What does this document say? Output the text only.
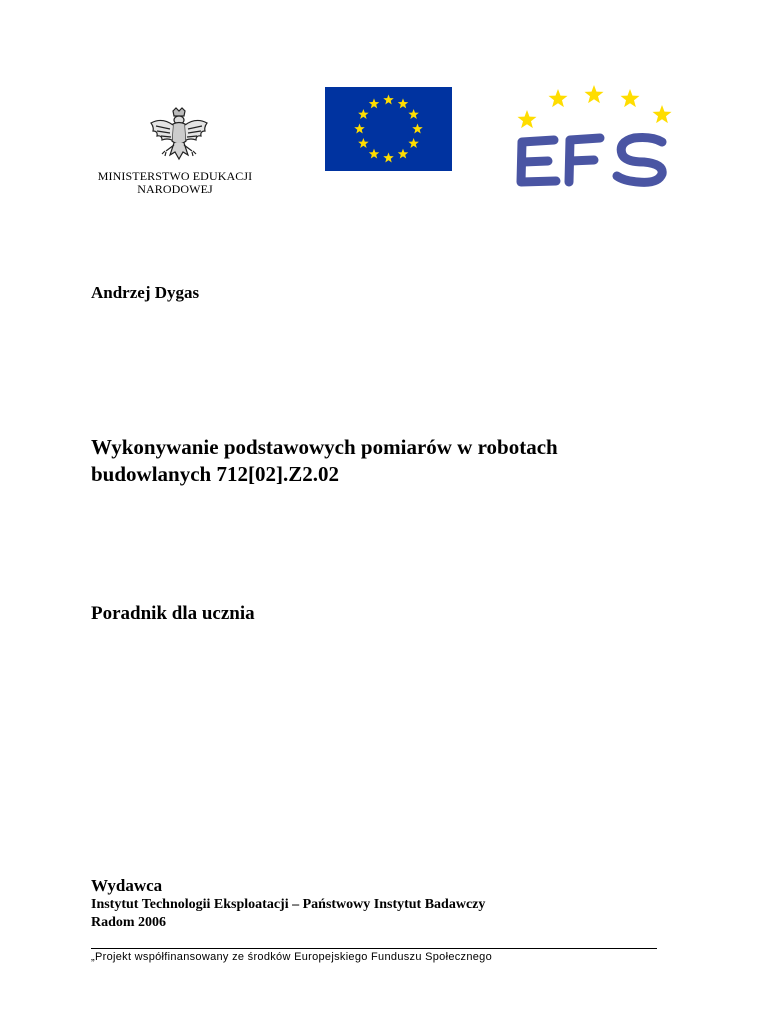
MINISTERSTWO EDUKACJI
NARODOWEJ
Andrzej Dygas
Wykonywanie podstawowych pomiarów w robotach
budowlanych 712[02].Z2.02
Poradnik dla ucznia
Wydawca
Instytut Technologii Eksploatacji – Państwowy Instytut Badawczy
Radom 2006
„Projekt współfinansowany ze środków Europejskiego Funduszu Społecznego
